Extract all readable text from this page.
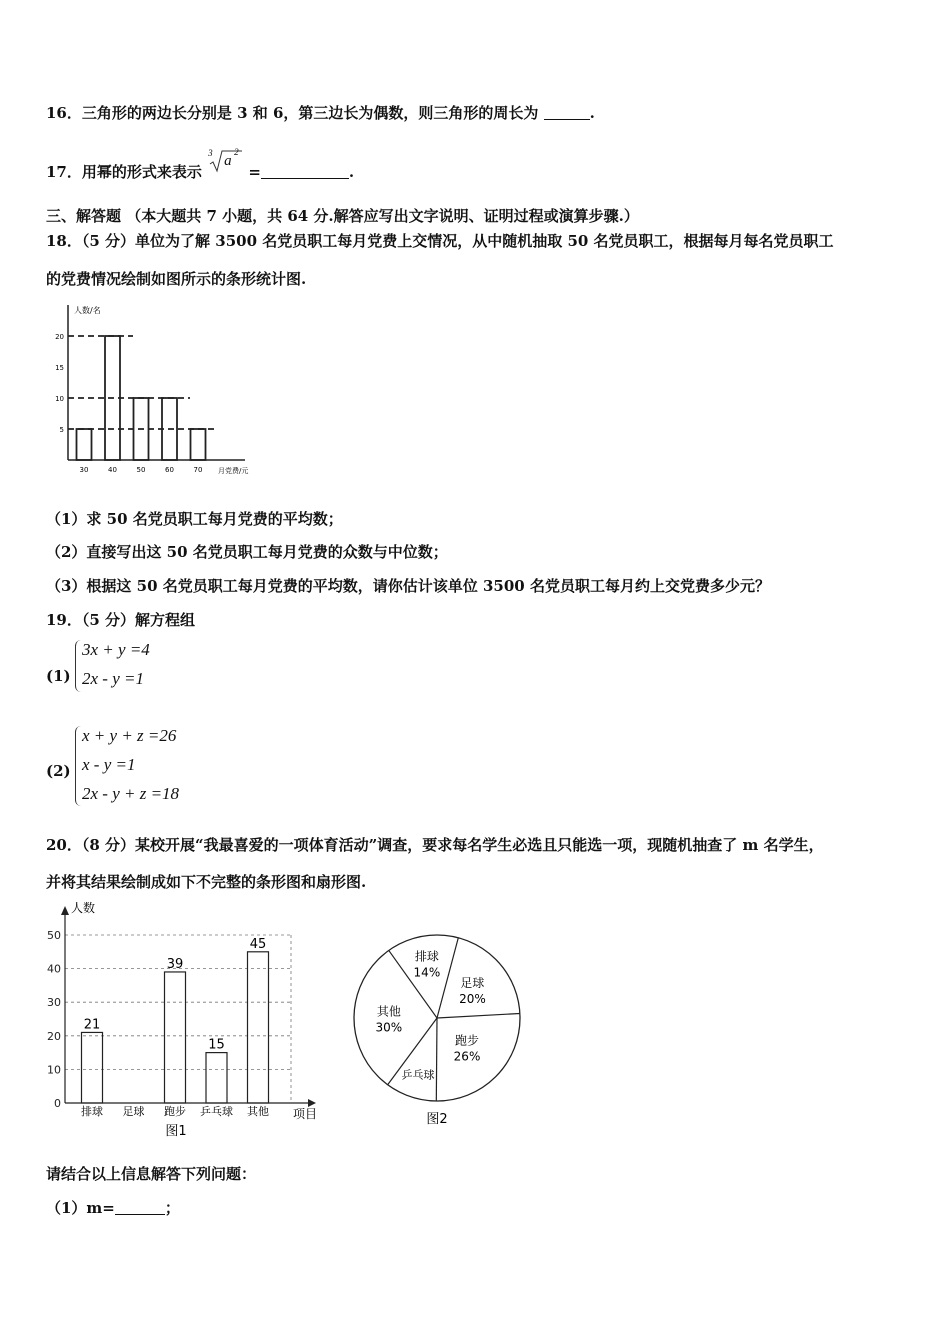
16．三角形的两边长分别是 3 和 6，第三边长为偶数，则三角形的周长为	.
17．用幂的形式来表示
3 a
2
=	.
三、解答题 （本大题共 7 小题，共 64 分.解答应写出文字说明、证明过程或演算步骤.）
18．（5 分）单位为了解 3500 名党员职工每月党费上交情况，从中随机抽取 50 名党员职工，根据每月每名党员职工
的党费情况绘制如图所示的条形统计图.
人数/名
月党费/元
5
10
15
20
30	40	50	60	70
（1）求 50 名党员职工每月党费的平均数；
（2）直接写出这 50 名党员职工每月党费的众数与中位数；
（3）根据这 50 名党员职工每月党费的平均数，请你估计该单位 3500 名党员职工每月约上交党费多少元？
19．（5 分）解方程组
(1)
3x + y =4
2x - y =1
(2)
x + y + z =26
x - y =1
2x - y + z =18
20．（8 分）某校开展“我最喜爱的一项体育活动”调查，要求每名学生必选且只能选一项，现随机抽查了 m 名学生，
并将其结果绘制成如下不完整的条形图和扇形图.
0
10
20
30
40
50
人数
项目
图1
排球
21
足球 跑步
39
乒乓球
15
其他
45
排球
14%
足球
20%
跑步
26%
乒乓球
其他
30%
图2
请结合以上信息解答下列问题：
（1）m=	；
